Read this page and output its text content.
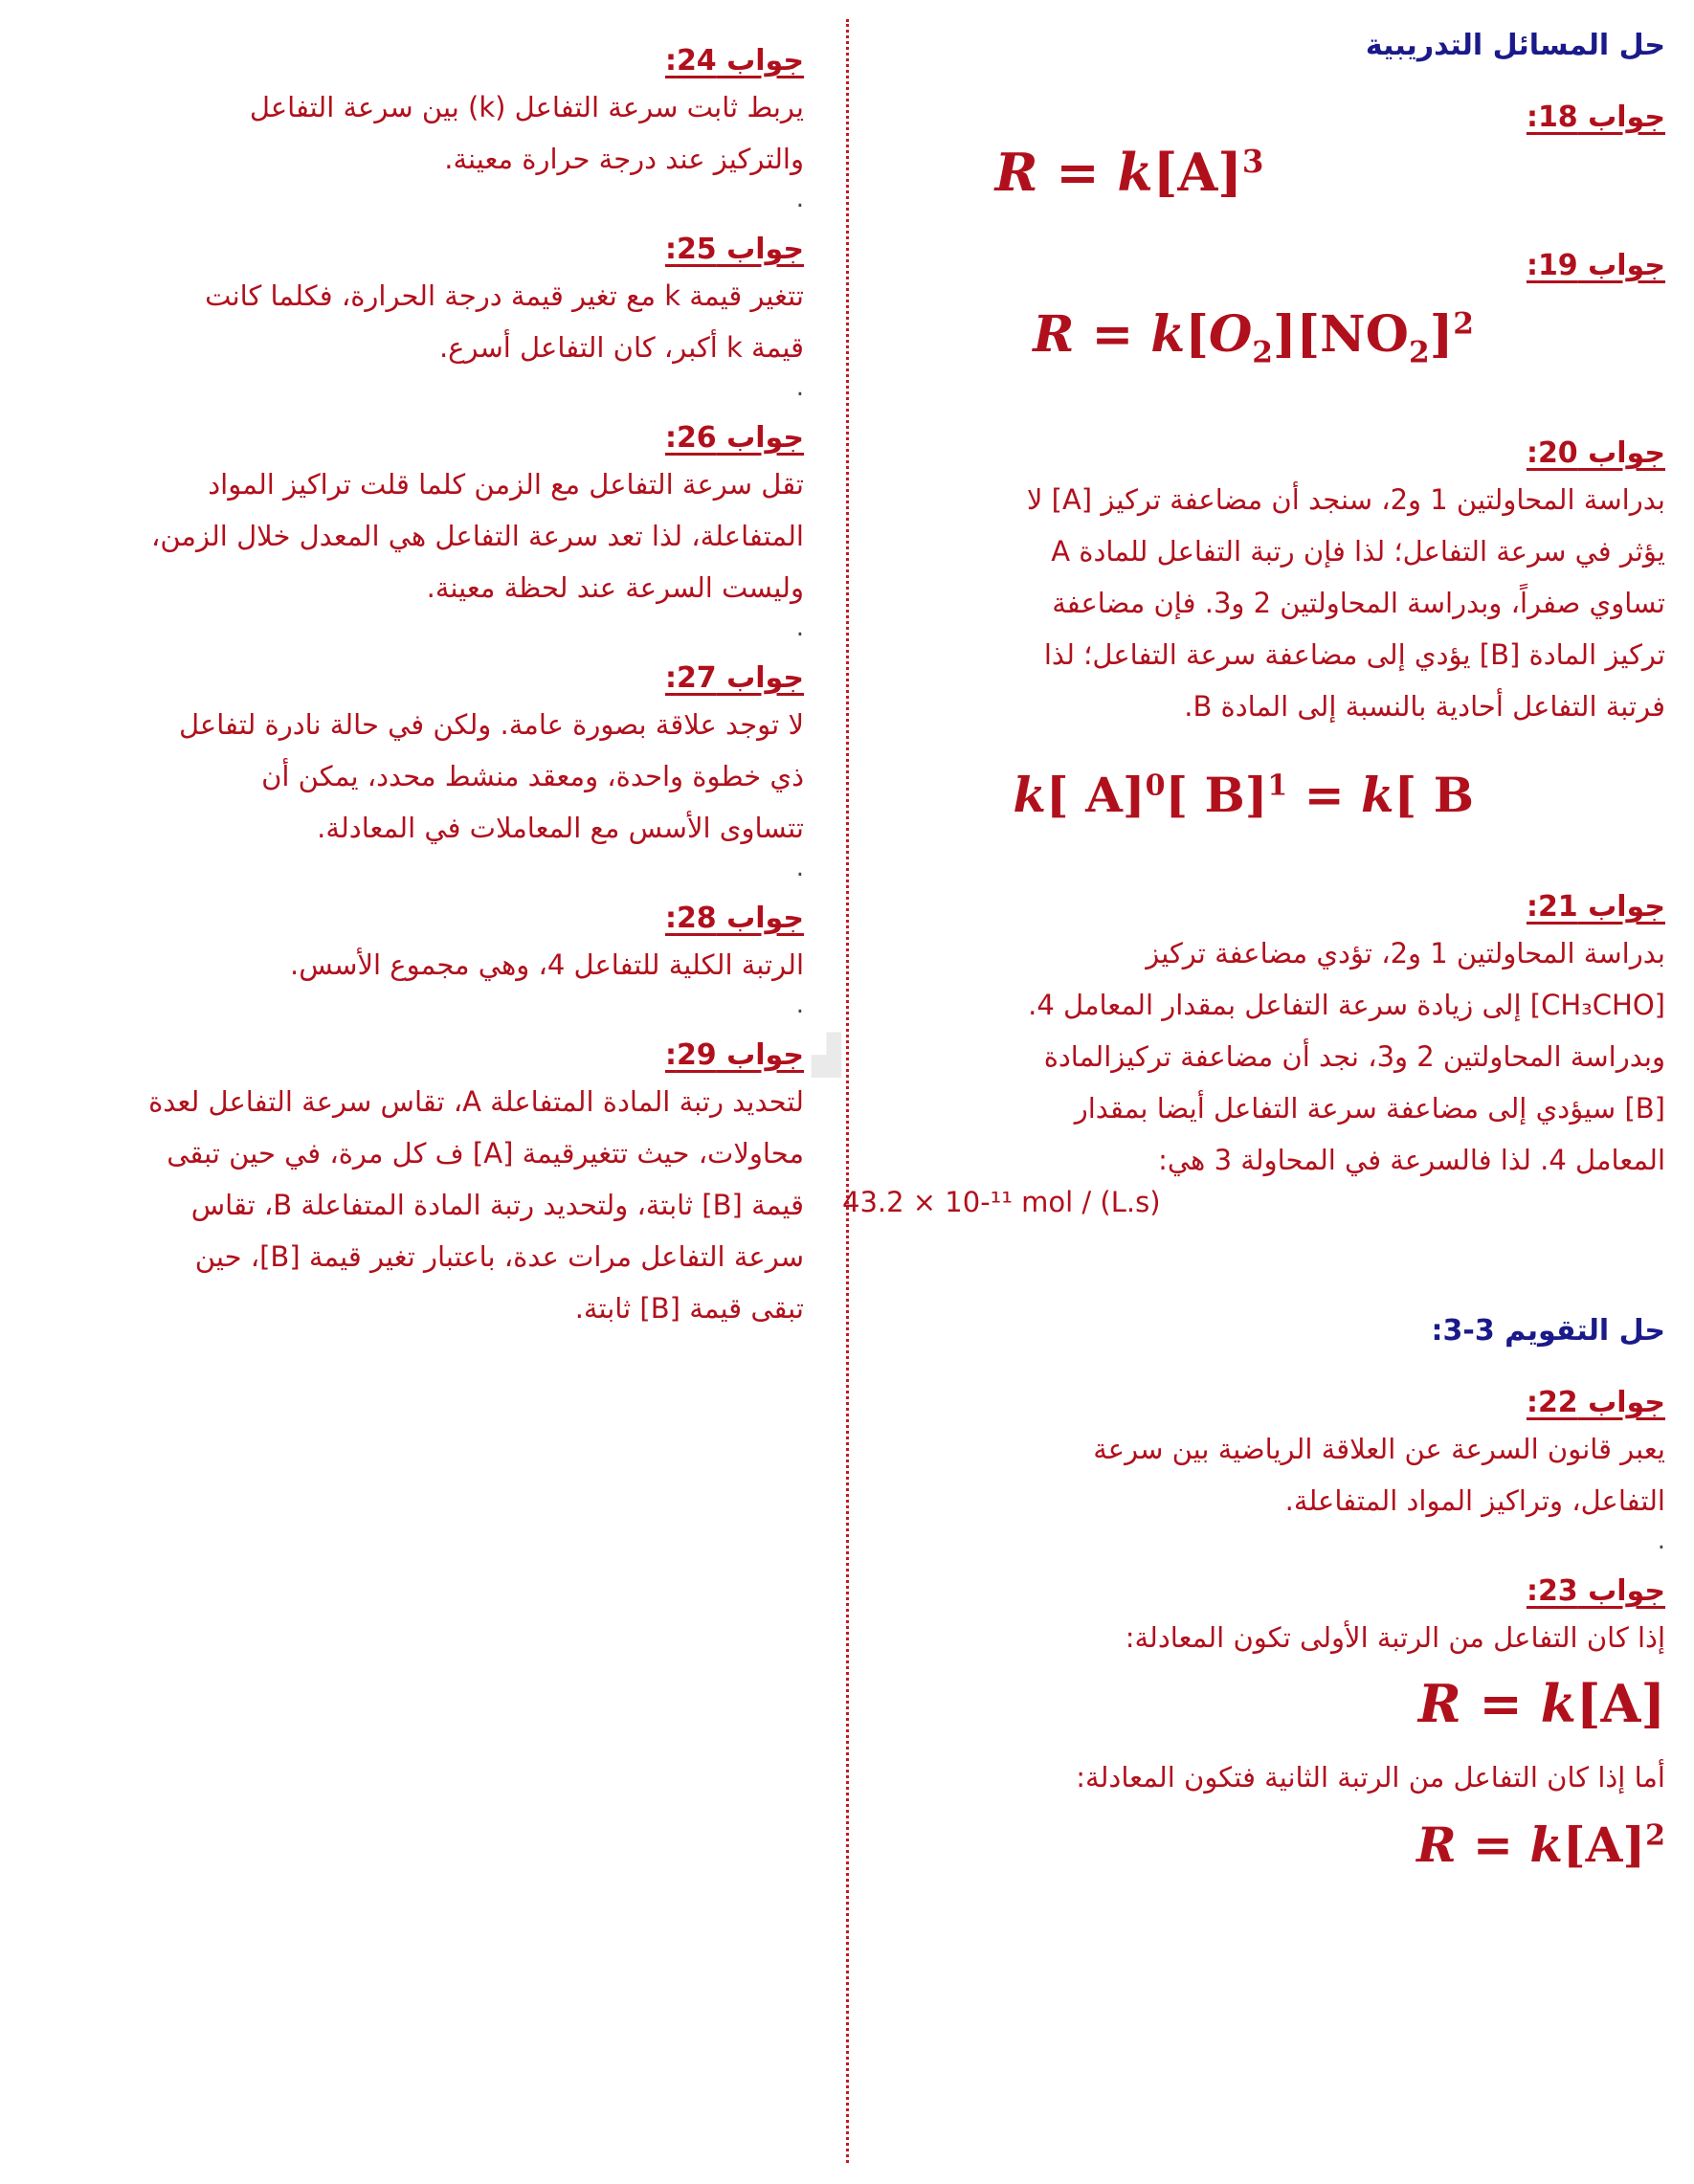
▟

حل المسائل التدريبية

جواب 18:

$R = k[A]^3$

جواب 19:

$R = k[O_2][NO_2]^2$

جواب 20:

بدراسة المحاولتين 1 و2، سنجد أن مضاعفة تركيز [A] لا
يؤثر في سرعة التفاعل؛ لذا فإن رتبة التفاعل للمادة A
تساوي صفراً، وبدراسة المحاولتين 2 و3. فإن مضاعفة
تركيز المادة [B] يؤدي إلى مضاعفة سرعة التفاعل؛ لذا
فرتبة التفاعل أحادية بالنسبة إلى المادة B.
k[ A]$^0$[ B]$^1$ = k[ B

جواب 21:

بدراسة المحاولتين 1 و2، تؤدي مضاعفة تركيز
[CH₃CHO] إلى زيادة سرعة التفاعل بمقدار المعامل 4.
وبدراسة المحاولتين 2 و3، نجد أن مضاعفة تركيزالمادة
[B] سيؤدي إلى مضاعفة سرعة التفاعل أيضا بمقدار
المعامل 4. لذا فالسرعة في المحاولة 3 هي:
43.2 × 10-¹¹ mol / (L.s)

حل التقويم 3-3:

جواب 22:

يعبر قانون السرعة عن العلاقة الرياضية بين سرعة
التفاعل، وتراكيز المواد المتفاعلة.

.

جواب 23:

إذا كان التفاعل من الرتبة الأولى تكون المعادلة:
R = k[A]
أما إذا كان التفاعل من الرتبة الثانية فتكون المعادلة:
$R = k[A]^2$

جواب 24:

يربط ثابت سرعة التفاعل (k) بين سرعة التفاعل
والتركيز عند درجة حرارة معينة.

.

جواب 25:

تتغير قيمة k مع تغير قيمة درجة الحرارة، فكلما كانت
قيمة k أكبر، كان التفاعل أسرع.

.

جواب 26:

تقل سرعة التفاعل مع الزمن كلما قلت تراكيز المواد
المتفاعلة، لذا تعد سرعة التفاعل هي المعدل خلال الزمن،
وليست السرعة عند لحظة معينة.

.

جواب 27:

لا توجد علاقة بصورة عامة. ولكن في حالة نادرة لتفاعل
ذي خطوة واحدة، ومعقد منشط محدد، يمكن أن
تتساوى الأسس مع المعاملات في المعادلة.

.

جواب 28:

الرتبة الكلية للتفاعل 4، وهي مجموع الأسس.

.

جواب 29:

لتحديد رتبة المادة المتفاعلة A، تقاس سرعة التفاعل لعدة
محاولات، حيث تتغيرقيمة [A] ف كل مرة، في حين تبقى
قيمة [B] ثابتة، ولتحديد رتبة المادة المتفاعلة B، تقاس
سرعة التفاعل مرات عدة، باعتبار تغير قيمة [B]، حين
تبقى قيمة [B] ثابتة.
